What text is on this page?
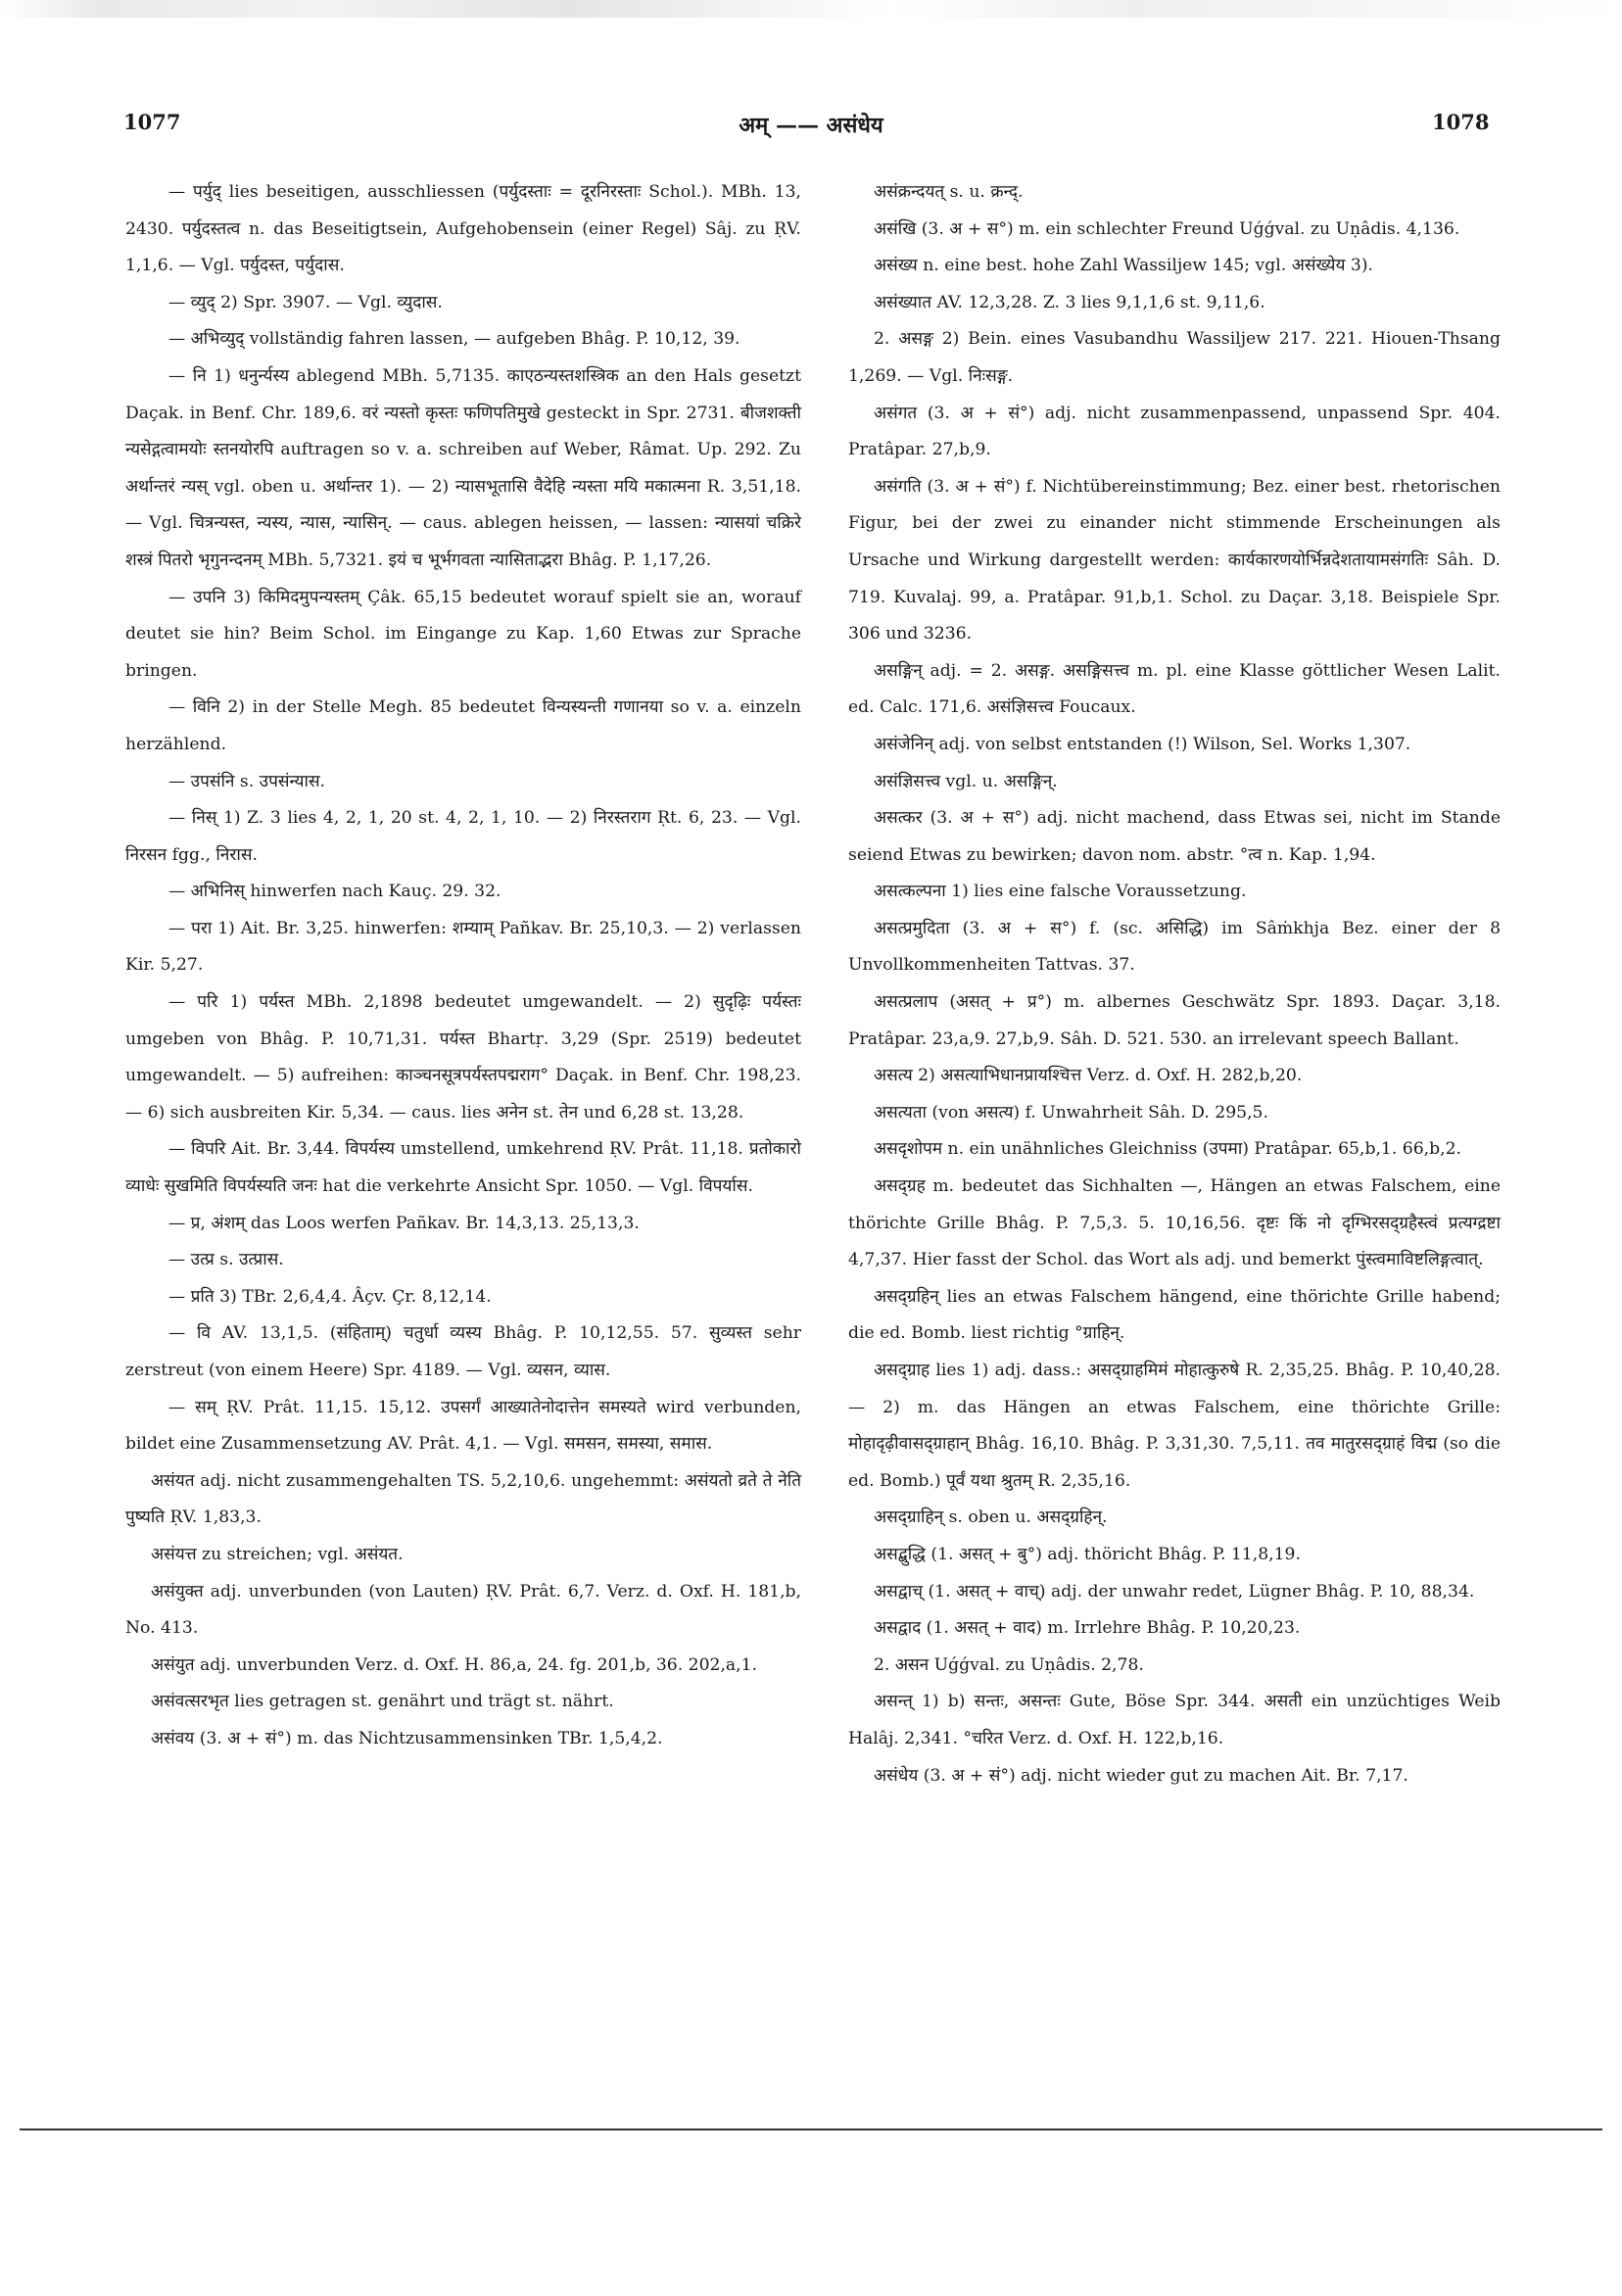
1077	अम् —— असंधेय	1078

— पर्युद् lies beseitigen, ausschliessen (पर्युदस्ताः = दूरनिरस्ताः Schol.). MBh. 13, 2430. पर्युदस्तत्व n. das Beseitigtsein, Aufgehobensein (einer Regel) Sâj. zu ṚV. 1,1,6. — Vgl. पर्युदस्त, पर्युदास.

— व्युद् 2) Spr. 3907. — Vgl. व्युदास.

— अभिव्युद् vollständig fahren lassen, — aufgeben Bhâg. P. 10,12, 39.

— नि 1) धनुर्न्यस्य ablegend MBh. 5,7135. काएठन्यस्तशस्त्रिक an den Hals gesetzt Daçak. in Benf. Chr. 189,6. वरं न्यस्तो कृस्तः फणिपतिमुखे gesteckt in Spr. 2731. बीजशक्ती न्यसेद्गत्वामयोः स्तनयोरपि auftragen so v. a. schreiben auf Weber, Râmat. Up. 292. Zu अर्थान्तरं न्यस् vgl. oben u. अर्थान्तर 1). — 2) न्यासभूतासि वैदेहि न्यस्ता मयि मकात्मना R. 3,51,18. — Vgl. चित्रन्यस्त, न्यस्य, न्यास, न्यासिन्. — caus. ablegen heissen, — lassen: न्यासयां चक्रिरे शस्त्रं पितरो भृगुनन्दनम् MBh. 5,7321. इयं च भूर्भगवता न्यासिताद्भरा Bhâg. P. 1,17,26.

— उपनि 3) किमिदमुपन्यस्तम् Çâk. 65,15 bedeutet worauf spielt sie an, worauf deutet sie hin? Beim Schol. im Eingange zu Kap. 1,60 Etwas zur Sprache bringen.

— विनि 2) in der Stelle Megh. 85 bedeutet विन्यस्यन्ती गणानया so v. a. einzeln herzählend.

— उपसंनि s. उपसंन्यास.

— निस् 1) Z. 3 lies 4, 2, 1, 20 st. 4, 2, 1, 10. — 2) निरस्तराग Ṛt. 6, 23. — Vgl. निरसन fgg., निरास.

— अभिनिस् hinwerfen nach Kauç. 29. 32.

— परा 1) Ait. Br. 3,25. hinwerfen: शम्याम् Pañkav. Br. 25,10,3. — 2) verlassen Kir. 5,27.

— परि 1) पर्यस्त MBh. 2,1898 bedeutet umgewandelt. — 2) सुदृढ़िः पर्यस्तः umgeben von Bhâg. P. 10,71,31. पर्यस्त Bhartṛ. 3,29 (Spr. 2519) bedeutet umgewandelt. — 5) aufreihen: काञ्चनसूत्रपर्यस्तपद्मराग° Daçak. in Benf. Chr. 198,23. — 6) sich ausbreiten Kir. 5,34. — caus. lies अनेन st. तेन und 6,28 st. 13,28.

— विपरि Ait. Br. 3,44. विपर्यस्य umstellend, umkehrend ṚV. Prât. 11,18. प्रतोकारो व्याधेः सुखमिति विपर्यस्यति जनः hat die verkehrte Ansicht Spr. 1050. — Vgl. विपर्यास.

— प्र, अंशम् das Loos werfen Pañkav. Br. 14,3,13. 25,13,3.

— उत्प्र s. उत्प्रास.

— प्रति 3) TBr. 2,6,4,4. Âçv. Çr. 8,12,14.

— वि AV. 13,1,5. (संहिताम्) चतुर्धा व्यस्य Bhâg. P. 10,12,55. 57. सुव्यस्त sehr zerstreut (von einem Heere) Spr. 4189. — Vgl. व्यसन, व्यास.

— सम् ṚV. Prât. 11,15. 15,12. उपसर्गं आख्यातेनोदात्तेन समस्यते wird verbunden, bildet eine Zusammensetzung AV. Prât. 4,1. — Vgl. समसन, समस्या, समास.

असंयत adj. nicht zusammengehalten TS. 5,2,10,6. ungehemmt: असंयतो व्रते ते नेति पुष्यति ṚV. 1,83,3.

असंयत्त zu streichen; vgl. असंयत.

असंयुक्त adj. unverbunden (von Lauten) ṚV. Prât. 6,7. Verz. d. Oxf. H. 181,b, No. 413.

असंयुत adj. unverbunden Verz. d. Oxf. H. 86,a, 24. fg. 201,b, 36. 202,a,1.

असंवत्सरभृत lies getragen st. genährt und trägt st. nährt.

असंवय (3. अ + सं°) m. das Nichtzusammensinken TBr. 1,5,4,2.

असंक्रन्दयत् s. u. क्रन्द्.

असंखि (3. अ + स°) m. ein schlechter Freund Uǵǵval. zu Uṇâdis. 4,136.

असंख्य n. eine best. hohe Zahl Wassiljew 145; vgl. असंख्येय 3).

असंख्यात AV. 12,3,28. Z. 3 lies 9,1,1,6 st. 9,11,6.

2. असङ्ग 2) Bein. eines Vasubandhu Wassiljew 217. 221. Hiouen-Thsang 1,269. — Vgl. निःसङ्ग.

असंगत (3. अ + सं°) adj. nicht zusammenpassend, unpassend Spr. 404. Pratâpar. 27,b,9.

असंगति (3. अ + सं°) f. Nichtübereinstimmung; Bez. einer best. rhetorischen Figur, bei der zwei zu einander nicht stimmende Erscheinungen als Ursache und Wirkung dargestellt werden: कार्यकारणयोर्भिन्नदेशतायामसंगतिः Sâh. D. 719. Kuvalaj. 99, a. Pratâpar. 91,b,1. Schol. zu Daçar. 3,18. Beispiele Spr. 306 und 3236.

असङ्गिन् adj. = 2. असङ्ग. असङ्गिसत्त्व m. pl. eine Klasse göttlicher Wesen Lalit. ed. Calc. 171,6. असंज्ञिसत्त्व Foucaux.

असंजेनिन् adj. von selbst entstanden (!) Wilson, Sel. Works 1,307.

असंज्ञिसत्त्व vgl. u. असङ्गिन्.

असत्कर (3. अ + स°) adj. nicht machend, dass Etwas sei, nicht im Stande seiend Etwas zu bewirken; davon nom. abstr. °त्व n. Kap. 1,94.

असत्कल्पना 1) lies eine falsche Voraussetzung.

असत्प्रमुदिता (3. अ + स°) f. (sc. असिद्धि) im Sâṁkhja Bez. einer der 8 Unvollkommenheiten Tattvas. 37.

असत्प्रलाप (असत् + प्र°) m. albernes Geschwätz Spr. 1893. Daçar. 3,18. Pratâpar. 23,a,9. 27,b,9. Sâh. D. 521. 530. an irrelevant speech Ballant.

असत्य 2) असत्याभिधानप्रायश्चित्त Verz. d. Oxf. H. 282,b,20.

असत्यता (von असत्य) f. Unwahrheit Sâh. D. 295,5.

असदृशोपम n. ein unähnliches Gleichniss (उपमा) Pratâpar. 65,b,1. 66,b,2.

असद्ग्रह m. bedeutet das Sichhalten —, Hängen an etwas Falschem, eine thörichte Grille Bhâg. P. 7,5,3. 5. 10,16,56. दृष्टः किं नो दृग्भिरसद्ग्रहैस्त्वं प्रत्यग्द्रष्टा 4,7,37. Hier fasst der Schol. das Wort als adj. und bemerkt पुंस्त्वमाविष्टलिङ्गत्वात्.

असद्ग्रहिन् lies an etwas Falschem hängend, eine thörichte Grille habend; die ed. Bomb. liest richtig °ग्राहिन्.

असद्ग्राह lies 1) adj. dass.: असद्ग्राहमिमं मोहात्कुरुषे R. 2,35,25. Bhâg. P. 10,40,28. — 2) m. das Hängen an etwas Falschem, eine thörichte Grille: मोहादृढ़ीवासद्ग्राहान् Bhâg. 16,10. Bhâg. P. 3,31,30. 7,5,11. तव मातुरसद्ग्राहं विद्म (so die ed. Bomb.) पूर्वं यथा श्रुतम् R. 2,35,16.

असद्ग्राहिन् s. oben u. असद्ग्रहिन्.

असद्बुद्धि (1. असत् + बु°) adj. thöricht Bhâg. P. 11,8,19.

असद्वाच् (1. असत् + वाच्) adj. der unwahr redet, Lügner Bhâg. P. 10, 88,34.

असद्वाद (1. असत् + वाद) m. Irrlehre Bhâg. P. 10,20,23.

2. असन Uǵǵval. zu Uṇâdis. 2,78.

असन्त् 1) b) सन्तः, असन्तः Gute, Böse Spr. 344. असती ein unzüchtiges Weib Halâj. 2,341. °चरित Verz. d. Oxf. H. 122,b,16.

असंधेय (3. अ + सं°) adj. nicht wieder gut zu machen Ait. Br. 7,17.
